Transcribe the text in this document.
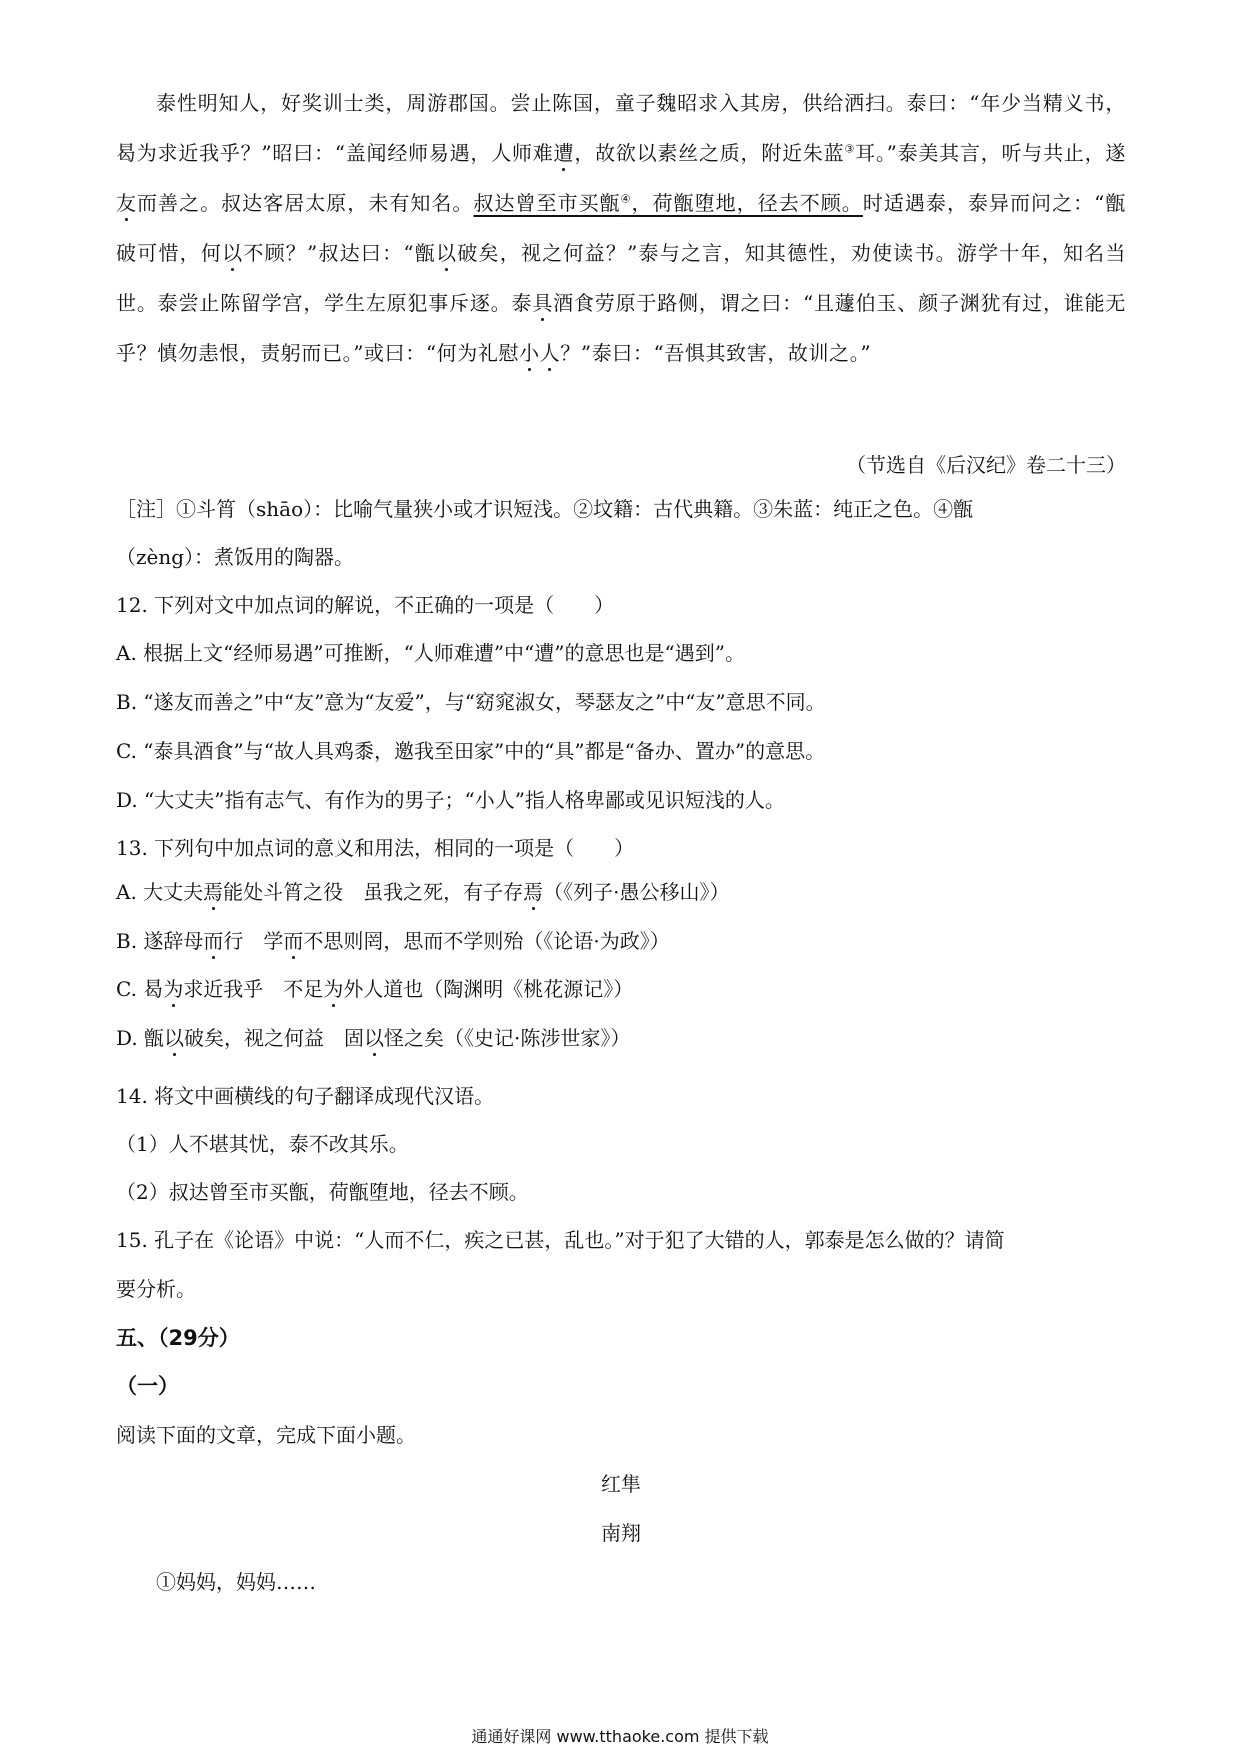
泰性明知人，好奖训士类，周游郡国。尝止陈国，童子魏昭求入其房，供给洒扫。泰曰：“年少当精义书，曷为求近我乎？”昭曰：“盖闻经师易遇，人师难遭，故欲以素丝之质，附近朱蓝③耳。”泰美其言，听与共止，遂友而善之。叔达客居太原，未有知名。叔达曾至市买甑④，荷甑堕地，径去不顾。时适遇泰，泰异而问之：“甑破可惜，何以不顾？”叔达曰：“甑以破矣，视之何益？”泰与之言，知其德性，劝使读书。游学十年，知名当世。泰尝止陈留学宫，学生左原犯事斥逐。泰具酒食劳原于路侧，谓之曰：“且蘧伯玉、颜子渊犹有过，谁能无乎？慎勿恚恨，责躬而已。”或曰：“何为礼慰小人？”泰曰：“吾惧其致害，故训之。”
（节选自《后汉纪》卷二十三）
［注］①斗筲（shāo）：比喻气量狭小或才识短浅。②坟籍：古代典籍。③朱蓝：纯正之色。④甑
（zèng）：煮饭用的陶器。
12. 下列对文中加点词的解说，不正确的一项是（　　）
A. 根据上文“经师易遇”可推断，“人师难遭”中“遭”的意思也是“遇到”。
B. “遂友而善之”中“友”意为“友爱”，与“窈窕淑女，琴瑟友之”中“友”意思不同。
C. “泰具酒食”与“故人具鸡黍，邀我至田家”中的“具”都是“备办、置办”的意思。
D. “大丈夫”指有志气、有作为的男子；“小人”指人格卑鄙或见识短浅的人。
13. 下列句中加点词的意义和用法，相同的一项是（　　）
A. 大丈夫焉能处斗筲之役　虽我之死，有子存焉（《列子·愚公移山》）
B. 遂辞母而行　学而不思则罔，思而不学则殆（《论语·为政》）
C. 曷为求近我乎　不足为外人道也（陶渊明《桃花源记》）
D. 甑以破矣，视之何益　固以怪之矣（《史记·陈涉世家》）
14. 将文中画横线的句子翻译成现代汉语。
（1）人不堪其忧，泰不改其乐。
（2）叔达曾至市买甑，荷甑堕地，径去不顾。
15. 孔子在《论语》中说：“人而不仁，疾之已甚，乱也。”对于犯了大错的人，郭泰是怎么做的？请简
要分析。
五、（29分）
（一）
阅读下面的文章，完成下面小题。
红隼
南翔
①妈妈，妈妈……
通通好课网 www.tthaoke.com 提供下载
